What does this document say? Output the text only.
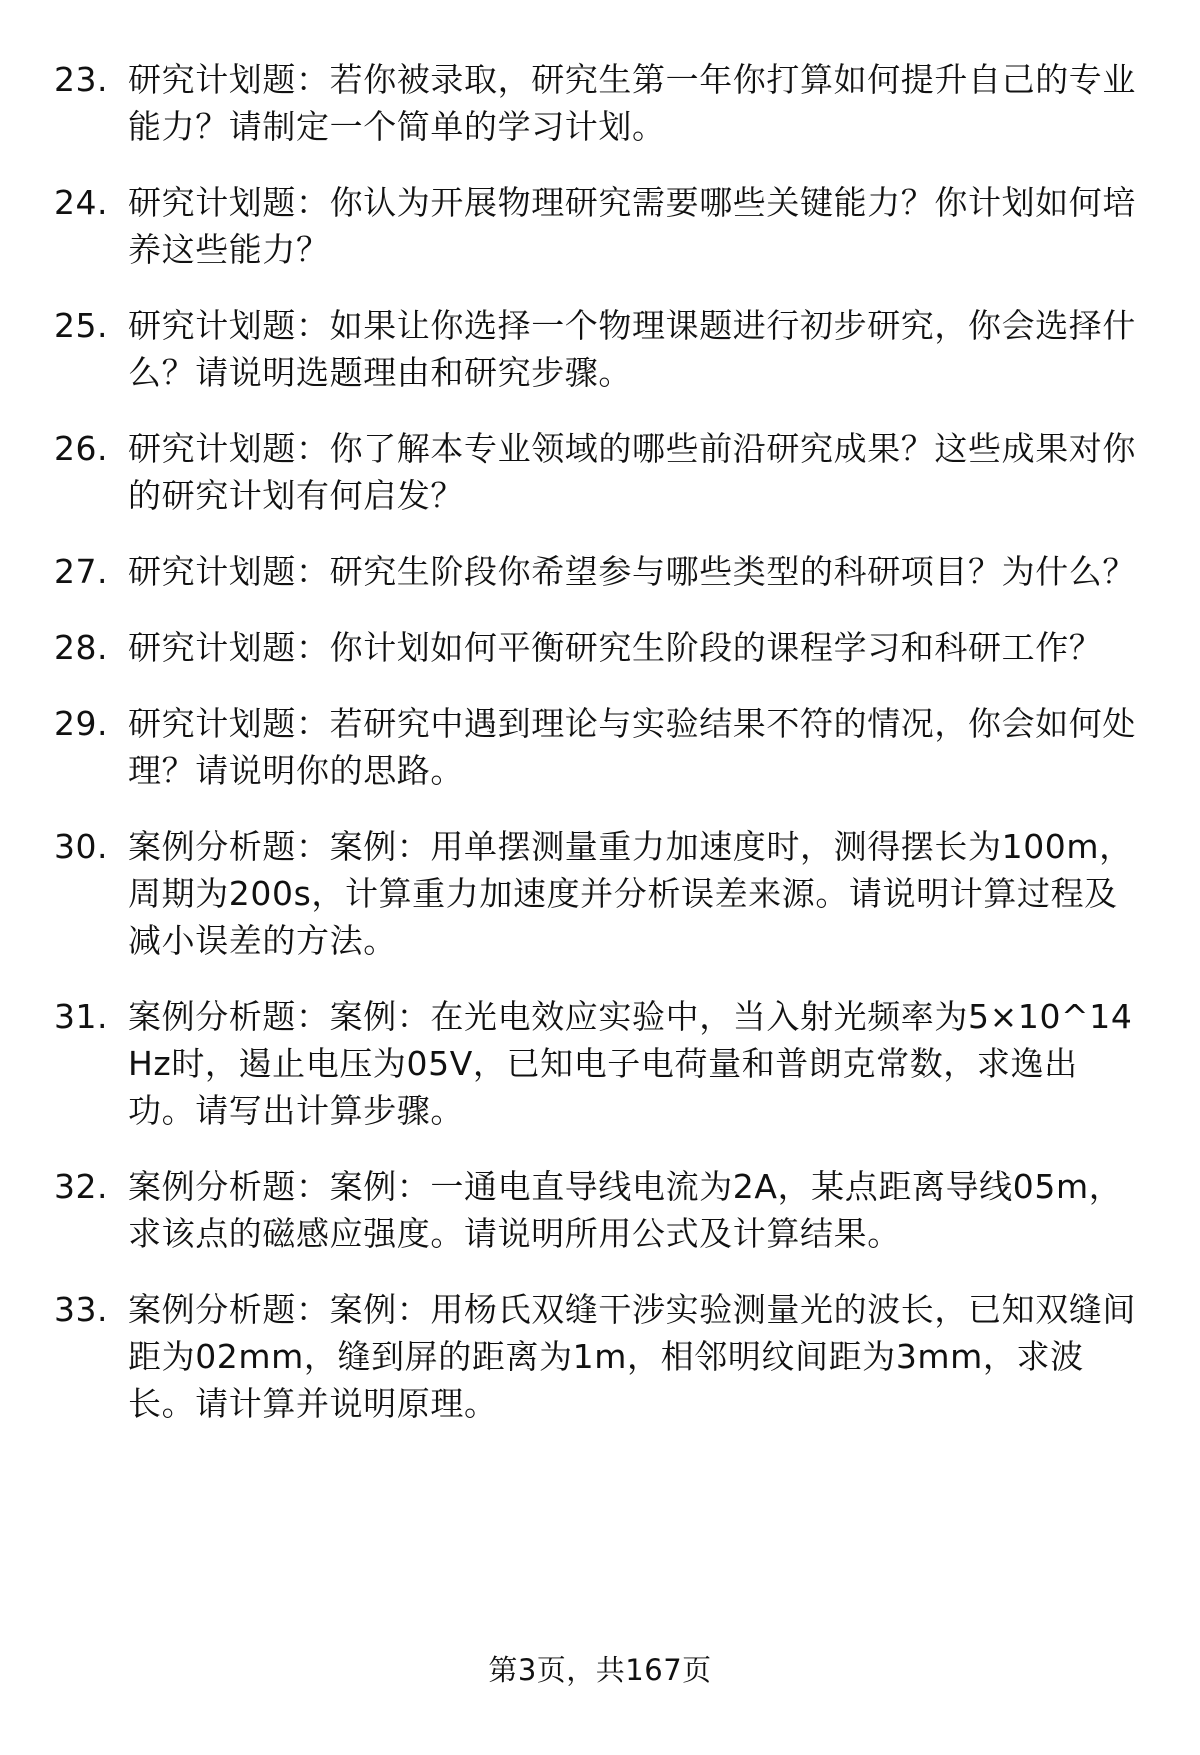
23. 研究计划题：若你被录取，研究生第一年你打算如何提升自己的专业能力？请制定一个简单的学习计划。
24. 研究计划题：你认为开展物理研究需要哪些关键能力？你计划如何培养这些能力？
25. 研究计划题：如果让你选择一个物理课题进行初步研究，你会选择什么？请说明选题理由和研究步骤。
26. 研究计划题：你了解本专业领域的哪些前沿研究成果？这些成果对你的研究计划有何启发？
27. 研究计划题：研究生阶段你希望参与哪些类型的科研项目？为什么？
28. 研究计划题：你计划如何平衡研究生阶段的课程学习和科研工作？
29. 研究计划题：若研究中遇到理论与实验结果不符的情况，你会如何处理？请说明你的思路。
30. 案例分析题：案例：用单摆测量重力加速度时，测得摆长为100m，周期为200s，计算重力加速度并分析误差来源。请说明计算过程及减小误差的方法。
31. 案例分析题：案例：在光电效应实验中，当入射光频率为5×10^14Hz时，遏止电压为05V，已知电子电荷量和普朗克常数，求逸出功。请写出计算步骤。
32. 案例分析题：案例：一通电直导线电流为2A，某点距离导线05m，求该点的磁感应强度。请说明所用公式及计算结果。
33. 案例分析题：案例：用杨氏双缝干涉实验测量光的波长，已知双缝间距为02mm，缝到屏的距离为1m，相邻明纹间距为3mm，求波长。请计算并说明原理。
第3页，共167页
